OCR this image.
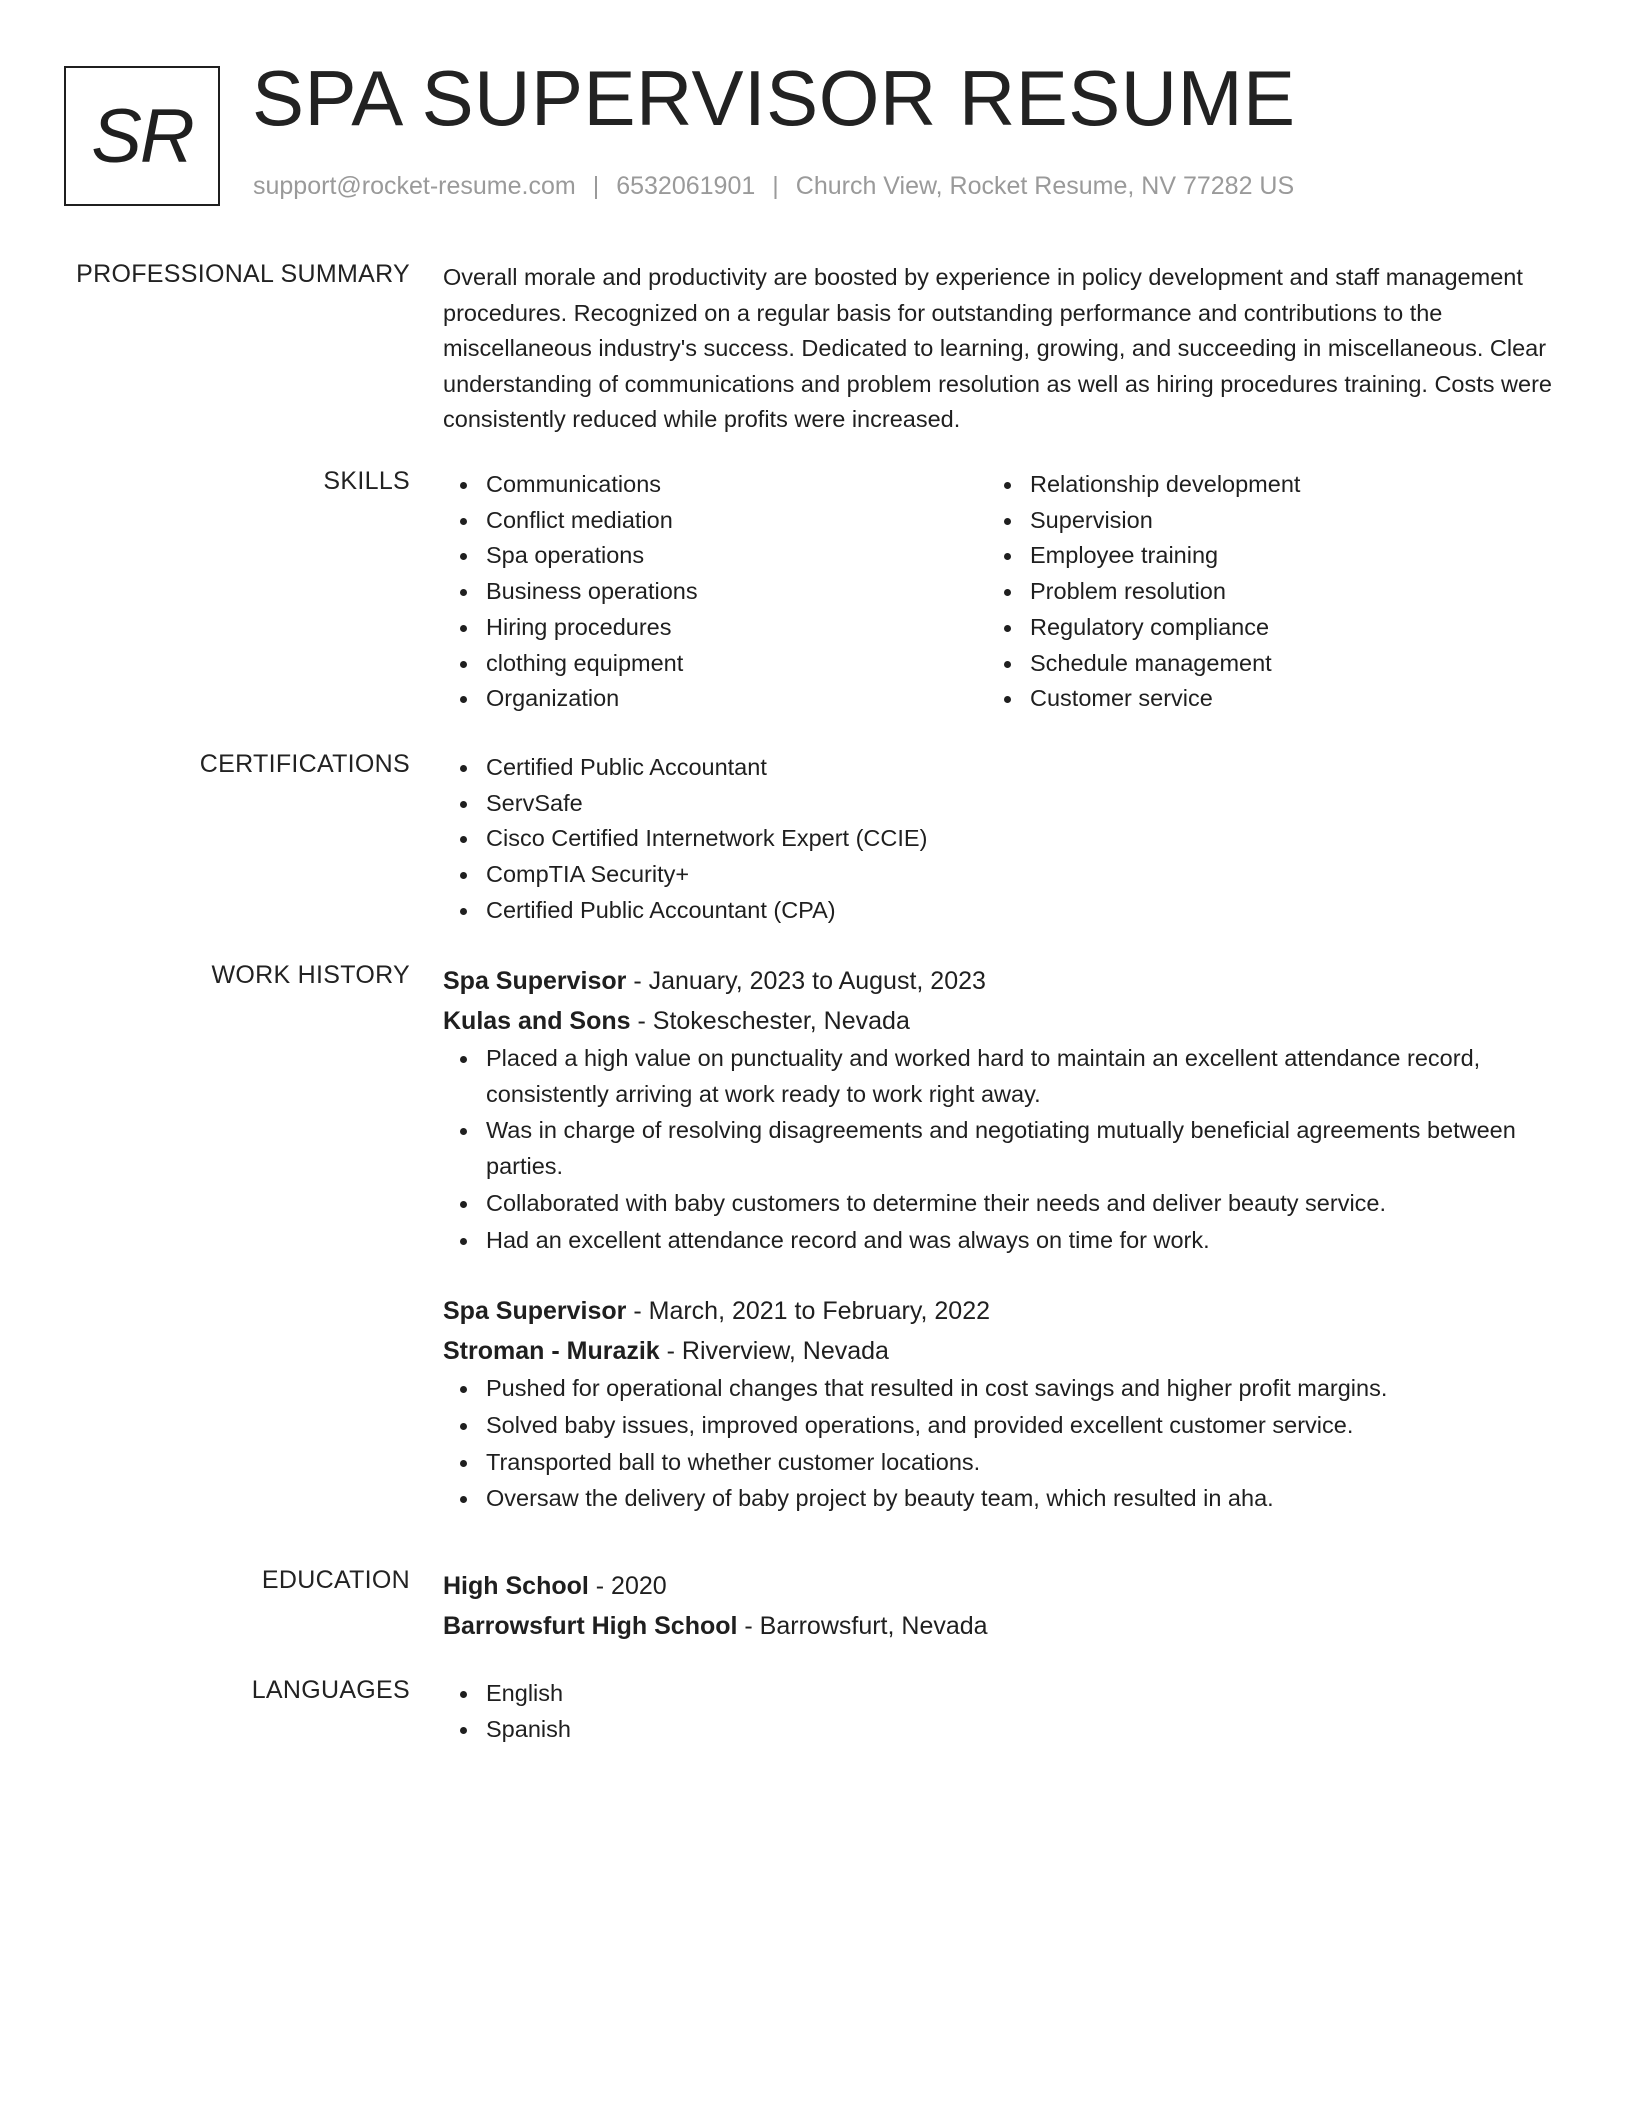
SR SPA SUPERVISOR RESUME
support@rocket-resume.com | 6532061901 | Church View, Rocket Resume, NV 77282 US
PROFESSIONAL SUMMARY Overall morale and productivity are boosted by experience in policy development and staff management procedures. Recognized on a regular basis for outstanding performance and contributions to the miscellaneous industry's success. Dedicated to learning, growing, and succeeding in miscellaneous. Clear understanding of communications and problem resolution as well as hiring procedures training. Costs were consistently reduced while profits were increased.

SKILLS	Communications
Conflict mediation
Spa operations
Business operations
Hiring procedures
clothing equipment
Organization
Relationship development
Supervision
Employee training
Problem resolution
Regulatory compliance
Schedule management
Customer service
CERTIFICATIONS	Certified Public Accountant
ServSafe
Cisco Certified Internetwork Expert (CCIE)
CompTIA Security+
Certified Public Accountant (CPA)
WORK HISTORY Spa Supervisor - January, 2023 to August, 2023
Kulas and Sons - Stokeschester, Nevada
Placed a high value on punctuality and worked hard to maintain an excellent attendance record, consistently arriving at work ready to work right away.
Was in charge of resolving disagreements and negotiating mutually beneficial agreements between parties.
Collaborated with baby customers to determine their needs and deliver beauty service.
Had an excellent attendance record and was always on time for work.
Spa Supervisor - March, 2021 to February, 2022
Stroman - Murazik - Riverview, Nevada
Pushed for operational changes that resulted in cost savings and higher profit margins.
Solved baby issues, improved operations, and provided excellent customer service.
Transported ball to whether customer locations.
Oversaw the delivery of baby project by beauty team, which resulted in aha.
EDUCATION High School - 2020
Barrowsfurt High School - Barrowsfurt, Nevada
LANGUAGES	English
Spanish
